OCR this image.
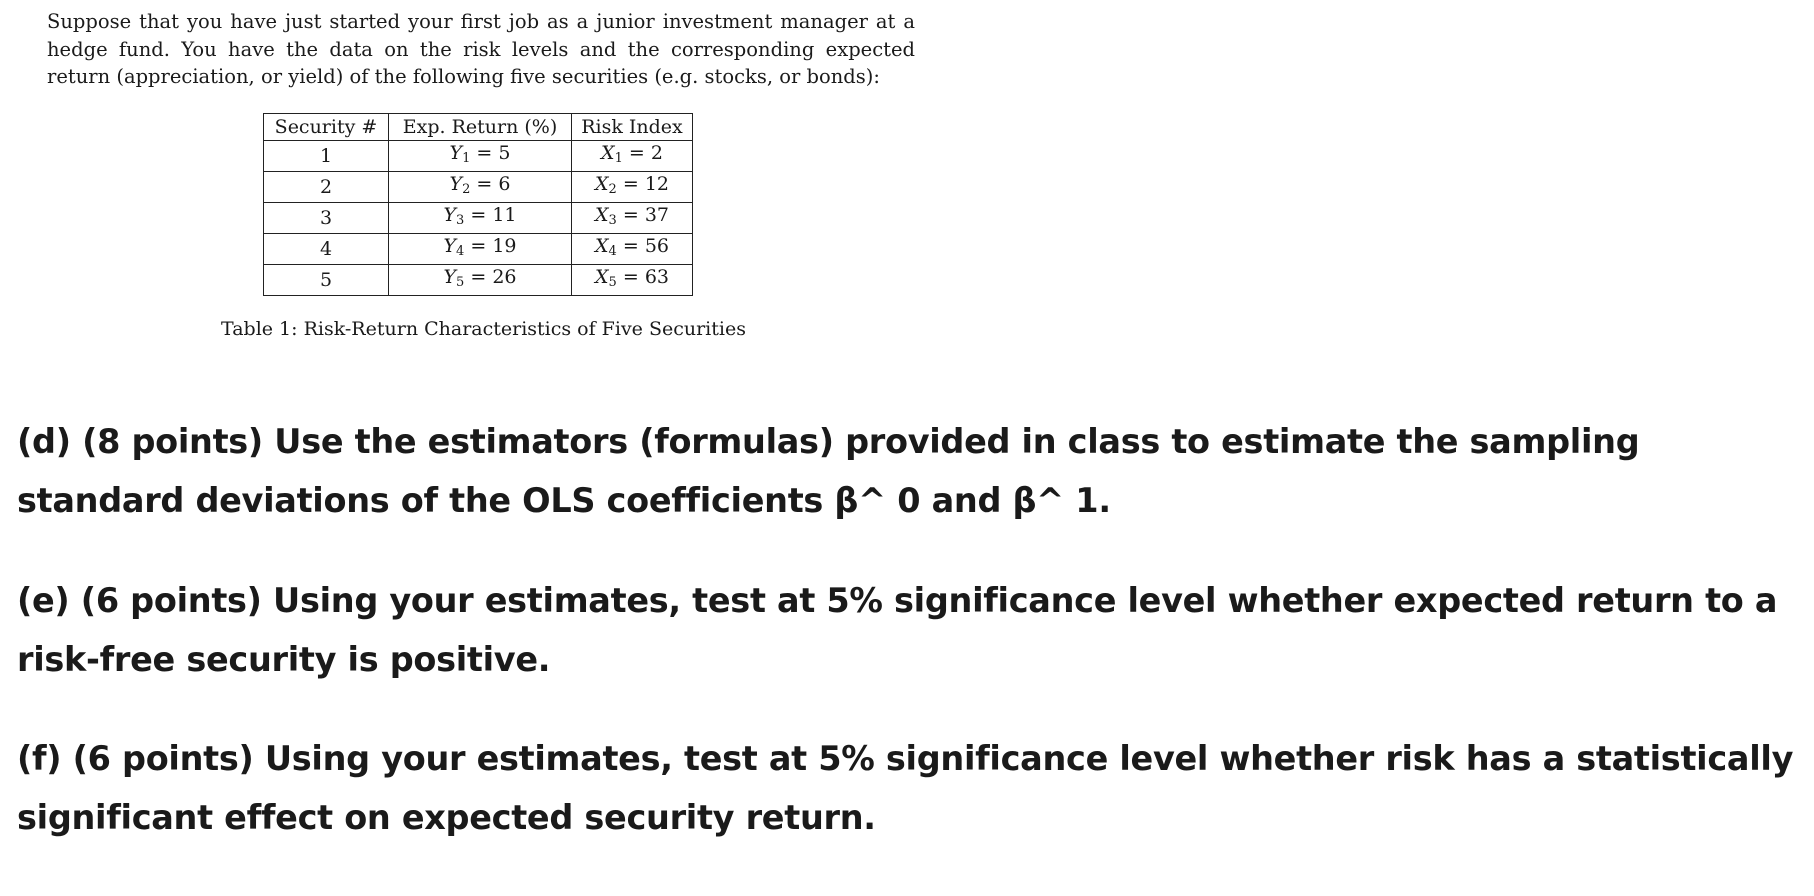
Suppose that you have just started your first job as a junior investment manager at a hedge fund. You have the data on the risk levels and the corresponding expected return (appreciation, or yield) of the following five securities (e.g. stocks, or bonds):

Security #	Exp. Return (%)	Risk Index
1	$Y_1 = 5$	$X_1 = 2$
2	$Y_2 = 6$	$X_2 = 12$
3	$Y_3 = 11$	$X_3 = 37$
4	$Y_4 = 19$	$X_4 = 56$
5	$Y_5 = 26$	$X_5 = 63$

Table 1: Risk-Return Characteristics of Five Securities

(d) (8 points) Use the estimators (formulas) provided in class to estimate the sampling standard deviations of the OLS coefficients β^ 0 and β^ 1.

(e) (6 points) Using your estimates, test at 5% significance level whether expected return to a risk-free security is positive.

(f) (6 points) Using your estimates, test at 5% significance level whether risk has a statistically significant effect on expected security return.
